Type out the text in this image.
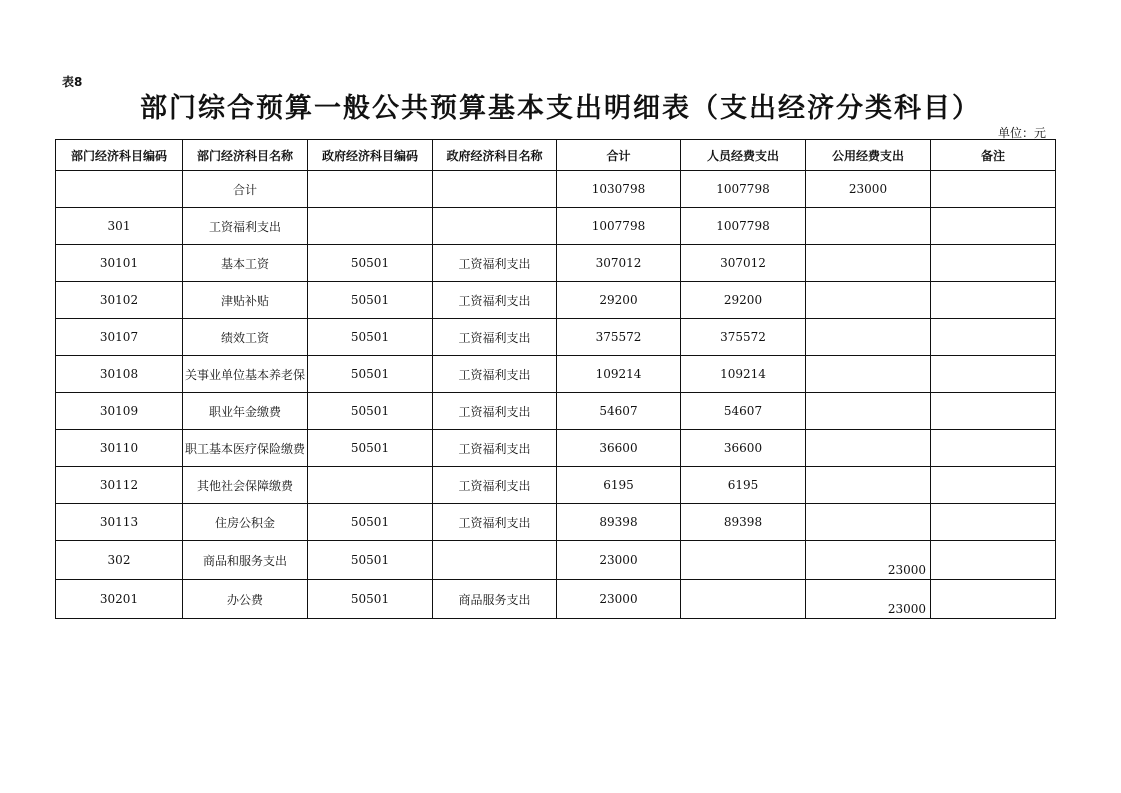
表8
部门综合预算一般公共预算基本支出明细表（支出经济分类科目）
单位：元
部门经济科目编码	部门经济科目名称	政府经济科目编码	政府经济科目名称	合计	人员经费支出	公用经费支出	备注

	合计			1030798	1007798	23000	

301	工资福利支出			1007798	1007798		

30101	基本工资	50501	工资福利支出	307012	307012		

30102	津贴补贴	50501	工资福利支出	29200	29200		

30107	绩效工资	50501	工资福利支出	375572	375572		

30108	关事业单位基本养老保	50501	工资福利支出	109214	109214		

30109	职业年金缴费	50501	工资福利支出	54607	54607		

30110	职工基本医疗保险缴费	50501	工资福利支出	36600	36600		

30112	其他社会保障缴费		工资福利支出	6195	6195		

30113	住房公积金	50501	工资福利支出	89398	89398		

302	商品和服务支出	50501		23000		23000	

30201	办公费	50501	商品服务支出	23000		23000	
